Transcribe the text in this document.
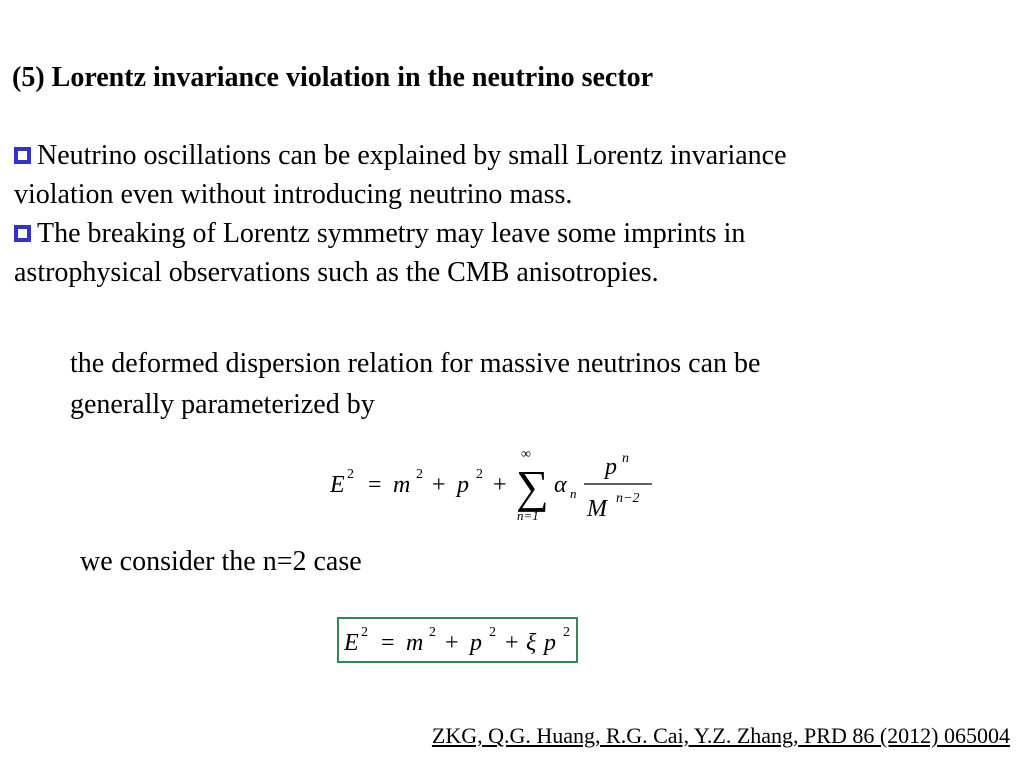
(5) Lorentz invariance violation in the neutrino sector
Neutrino oscillations can be explained by small Lorentz invariance
violation even without introducing neutrino mass.
The breaking of Lorentz symmetry may leave some imprints in
astrophysical observations such as the CMB anisotropies.
the deformed dispersion relation for massive neutrinos can be
generally parameterized by
E 2 = m 2 + p 2 +
∞
∑
n=1
α n
p n
M n−2
we consider the n=2 case
E 2 = m 2 + p 2 + ξ p 2
ZKG, Q.G. Huang, R.G. Cai, Y.Z. Zhang, PRD 86 (2012) 065004
